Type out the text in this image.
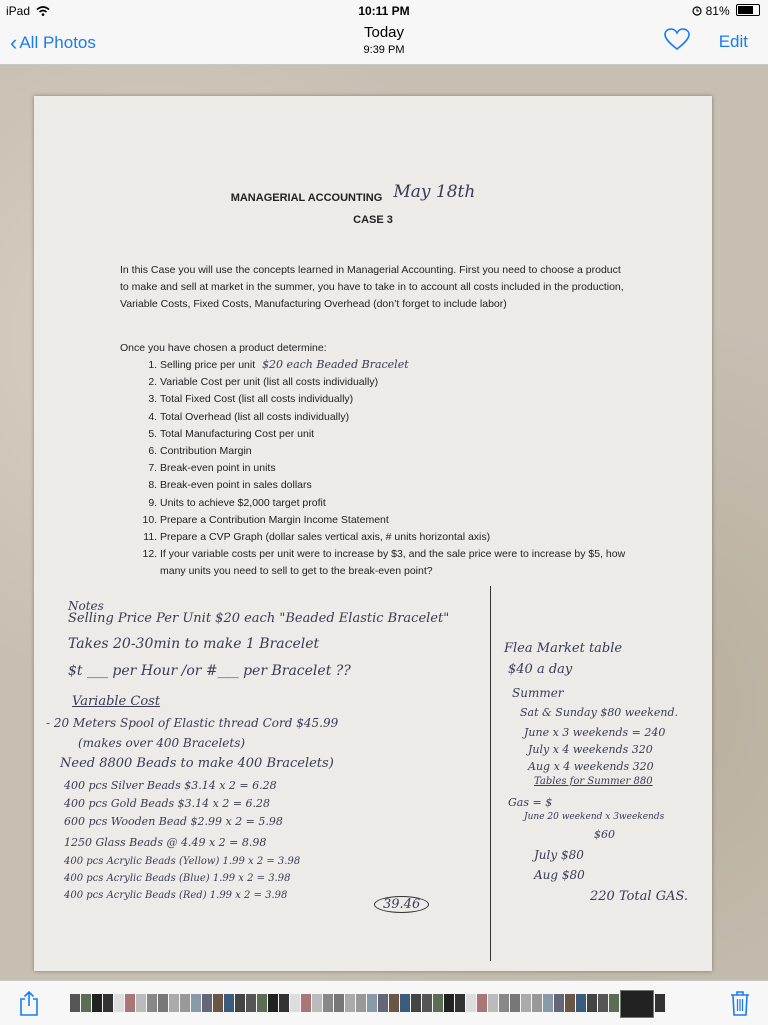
iPad	10:11 PM	81%
‹ All Photos
Today
9:39 PM	Edit
MANAGERIAL ACCOUNTING May 18th
CASE 3
In this Case you will use the concepts learned in Managerial Accounting. First you need to choose a product to make and sell at market in the summer, you have to take in to account all costs included in the production, Variable Costs, Fixed Costs, Manufacturing Overhead (don’t forget to include labor)
Once you have chosen a product determine:
1. Selling price per unit $20 each Beaded Bracelet
2. Variable Cost per unit (list all costs individually)
3. Total Fixed Cost (list all costs individually)
4. Total Overhead (list all costs individually)
5. Total Manufacturing Cost per unit
6. Contribution Margin
7. Break-even point in units
8. Break-even point in sales dollars
9. Units to achieve $2,000 target profit
10. Prepare a Contribution Margin Income Statement
11. Prepare a CVP Graph (dollar sales vertical axis, # units horizontal axis)
12. If your variable costs per unit were to increase by $3, and the sale price were to increase by $5, how many units you need to sell to get to the break-even point?
Notes
Selling Price Per Unit $20 each "Beaded Elastic Bracelet"
Takes 20-30min to make 1 Bracelet
$t ___ per Hour /or #___ per Bracelet ??
Variable Cost
- 20 Meters Spool of Elastic thread Cord $45.99
(makes over 400 Bracelets)
Need 8800 Beads to make 400 Bracelets)
400 pcs Silver Beads $3.14 x 2 = 6.28
400 pcs Gold Beads $3.14 x 2 = 6.28
600 pcs Wooden Bead $2.99 x 2 = 5.98
1250 Glass Beads @ 4.49 x 2 = 8.98
400 pcs Acrylic Beads (Yellow) 1.99 x 2 = 3.98
400 pcs Acrylic Beads (Blue) 1.99 x 2 = 3.98
400 pcs Acrylic Beads (Red) 1.99 x 2 = 3.98
39.46
Flea Market table
$40 a day
Summer
Sat & Sunday $80 weekend.
June x 3 weekends = 240
July x 4 weekends 320
Aug x 4 weekends 320
Tables for Summer 880
Gas = $
June 20 weekend x 3weekends
$60
July $80
Aug $80
220 Total GAS.
